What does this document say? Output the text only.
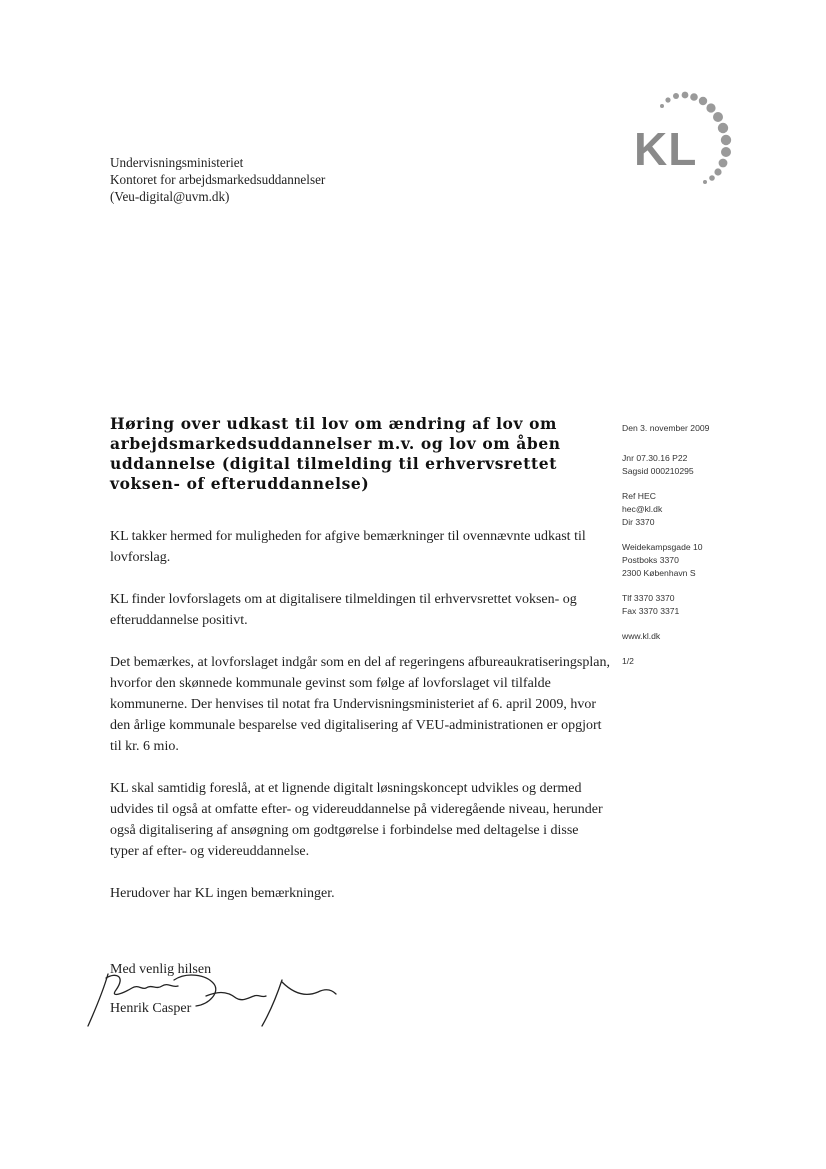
KL
Undervisningsministeriet
Kontoret for arbejdsmarkedsuddannelser
(Veu-digital@uvm.dk)
Høring over udkast til lov om ændring af lov om arbejdsmarkedsuddannelser m.v. og lov om åben uddannelse (digital tilmelding til erhvervsrettet voksen- of efteruddannelse)

KL takker hermed for muligheden for afgive bemærkninger til ovennævnte udkast til lovforslag.

KL finder lovforslagets om at digitalisere tilmeldingen til erhvervsrettet voksen- og efteruddannelse positivt.

Det bemærkes, at lovforslaget indgår som en del af regeringens afbureaukratiseringsplan, hvorfor den skønnede kommunale gevinst som følge af lovforslaget vil tilfalde kommunerne. Der henvises til notat fra Undervisningsministeriet af 6. april 2009, hvor den årlige kommunale besparelse ved digitalisering af VEU-administrationen er opgjort til kr. 6 mio.

KL skal samtidig foreslå, at et lignende digitalt løsningskoncept udvikles og dermed udvides til også at omfatte efter- og videreuddannelse på videregående niveau, herunder også digitalisering af ansøgning om godtgørelse i forbindelse med deltagelse i disse typer af efter- og videreuddannelse.

Herudover har KL ingen bemærkninger.

Den 3. november 2009
Jnr 07.30.16 P22
Sagsid 000210295
Ref HEC
hec@kl.dk
Dir 3370
Weidekampsgade 10
Postboks 3370
2300 København S
Tlf 3370 3370
Fax 3370 3371
www.kl.dk
1/2
Med venlig hilsen
Henrik Casper
